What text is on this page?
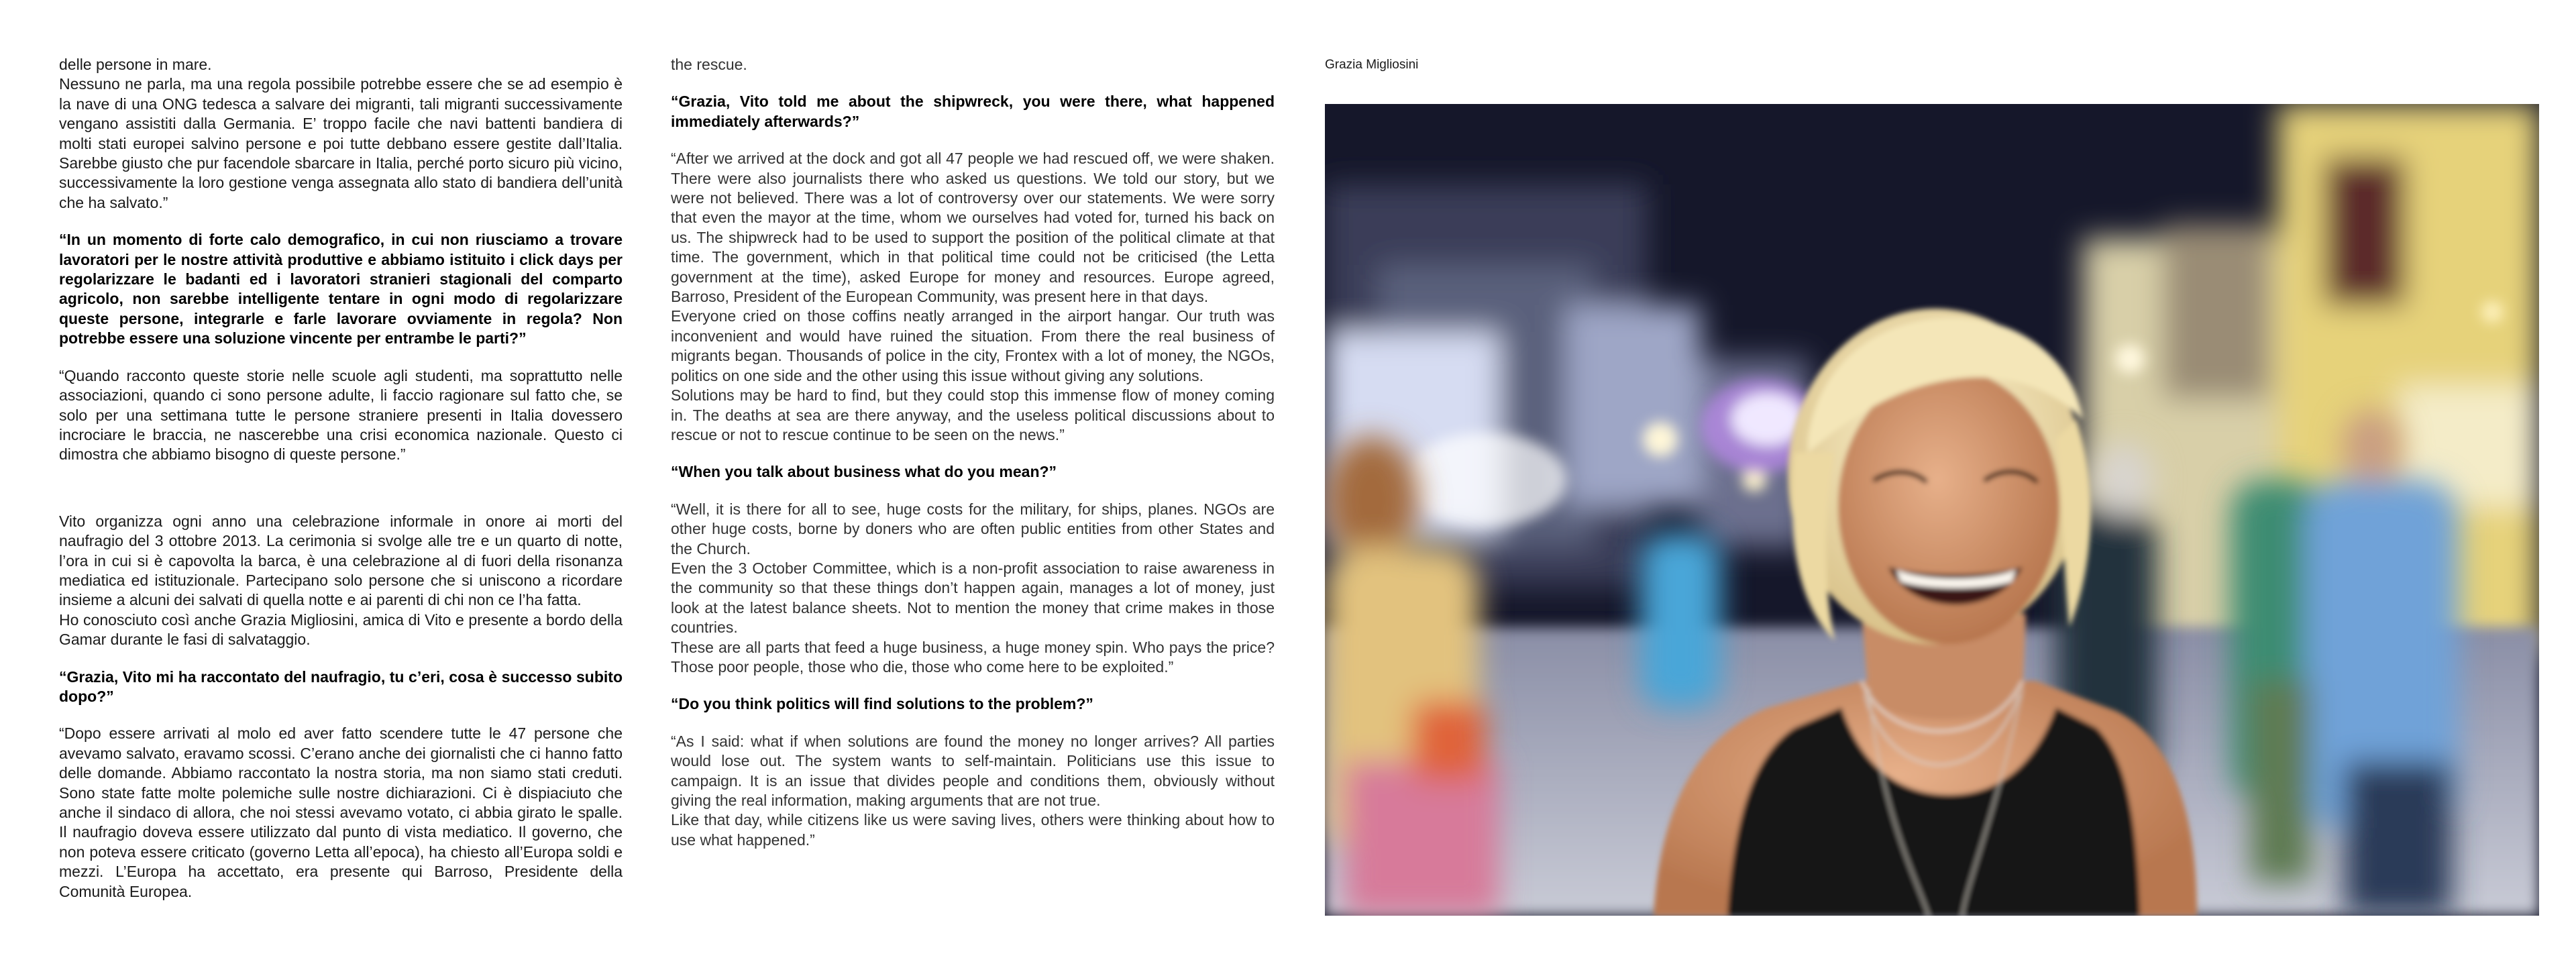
delle persone in mare.
Nessuno ne parla, ma una regola possibile potrebbe essere che se ad esempio è la nave di una ONG tedesca a salvare dei migranti, tali migranti successivamente vengano assistiti dalla Germania. E’ troppo facile che navi battenti bandiera di molti stati europei salvino persone e poi tutte debbano essere gestite dall’Italia. Sarebbe giusto che pur facendole sbarcare in Italia, perché porto sicuro più vicino, successivamente la loro gestione venga assegnata allo stato di bandiera dell’unità che ha salvato.”

“In un momento di forte calo demografico, in cui non riusciamo a trovare lavoratori per le nostre attività produttive e abbiamo istituito i click days per regolarizzare le badanti ed i lavoratori stranieri stagionali del comparto agricolo, non sarebbe intelligente tentare in ogni modo di regolarizzare queste persone, integrarle e farle lavorare ovviamente in regola? Non potrebbe essere una soluzione vincente per entrambe le parti?”

“Quando racconto queste storie nelle scuole agli studenti, ma soprattutto nelle associazioni, quando ci sono persone adulte, li faccio ragionare sul fatto che, se solo per una settimana tutte le persone straniere presenti in Italia dovessero incrociare le braccia, ne nascerebbe una crisi economica nazionale. Questo ci dimostra che abbiamo bisogno di queste persone.”

Vito organizza ogni anno una celebrazione informale in onore ai morti del naufragio del 3 ottobre 2013. La cerimonia si svolge alle tre e un quarto di notte, l’ora in cui si è capovolta la barca, è una celebrazione al di fuori della risonanza mediatica ed istituzionale. Partecipano solo persone che si uniscono a ricordare insieme a alcuni dei salvati di quella notte e ai parenti di chi non ce l’ha fatta.
Ho conosciuto così anche Grazia Migliosini, amica di Vito e presente a bordo della Gamar durante le fasi di salvataggio.

“Grazia, Vito mi ha raccontato del naufragio, tu c’eri, cosa è successo subito dopo?”

“Dopo essere arrivati al molo ed aver fatto scendere tutte le 47 persone che avevamo salvato, eravamo scossi. C’erano anche dei giornalisti che ci hanno fatto delle domande. Abbiamo raccontato la nostra storia, ma non siamo stati creduti. Sono state fatte molte polemiche sulle nostre dichiarazioni. Ci è dispiaciuto che anche il sindaco di allora, che noi stessi avevamo votato, ci abbia girato le spalle. Il naufragio doveva essere utilizzato dal punto di vista mediatico. Il governo, che non poteva essere criticato (governo Letta all’epoca), ha chiesto all’Europa soldi e mezzi. L’Europa ha accettato, era presente qui Barroso, Presidente della Comunità Europea.

the rescue.

“Grazia, Vito told me about the shipwreck, you were there, what happened immediately afterwards?”

“After we arrived at the dock and got all 47 people we had rescued off, we were shaken. There were also journalists there who asked us questions. We told our story, but we were not believed. There was a lot of controversy over our statements. We were sorry that even the mayor at the time, whom we ourselves had voted for, turned his back on us. The shipwreck had to be used to support the position of the political climate at that time. The government, which in that political time could not be criticised (the Letta government at the time), asked Europe for money and resources. Europe agreed, Barroso, President of the European Community, was present here in that days.
Everyone cried on those coffins neatly arranged in the airport hangar. Our truth was inconvenient and would have ruined the situation. From there the real business of migrants began. Thousands of police in the city, Frontex with a lot of money, the NGOs, politics on one side and the other using this issue without giving any solutions.
Solutions may be hard to find, but they could stop this immense flow of money coming in. The deaths at sea are there anyway, and the useless political discussions about to rescue or not to rescue continue to be seen on the news.”

“When you talk about business what do you mean?”

“Well, it is there for all to see, huge costs for the military, for ships, planes. NGOs are other huge costs, borne by doners who are often public entities from other States and the Church.
Even the 3 October Committee, which is a non-profit association to raise awareness in the community so that these things don’t happen again, manages a lot of money, just look at the latest balance sheets. Not to mention the money that crime makes in those countries.
These are all parts that feed a huge business, a huge money spin. Who pays the price? Those poor people, those who die, those who come here to be exploited.”

“Do you think politics will find solutions to the problem?”

“As I said: what if when solutions are found the money no longer arrives? All parties would lose out. The system wants to self-maintain. Politicians use this issue to campaign. It is an issue that divides people and conditions them, obviously without giving the real information, making arguments that are not true.
Like that day, while citizens like us were saving lives, others were thinking about how to use what happened.”

Grazia Migliosini
